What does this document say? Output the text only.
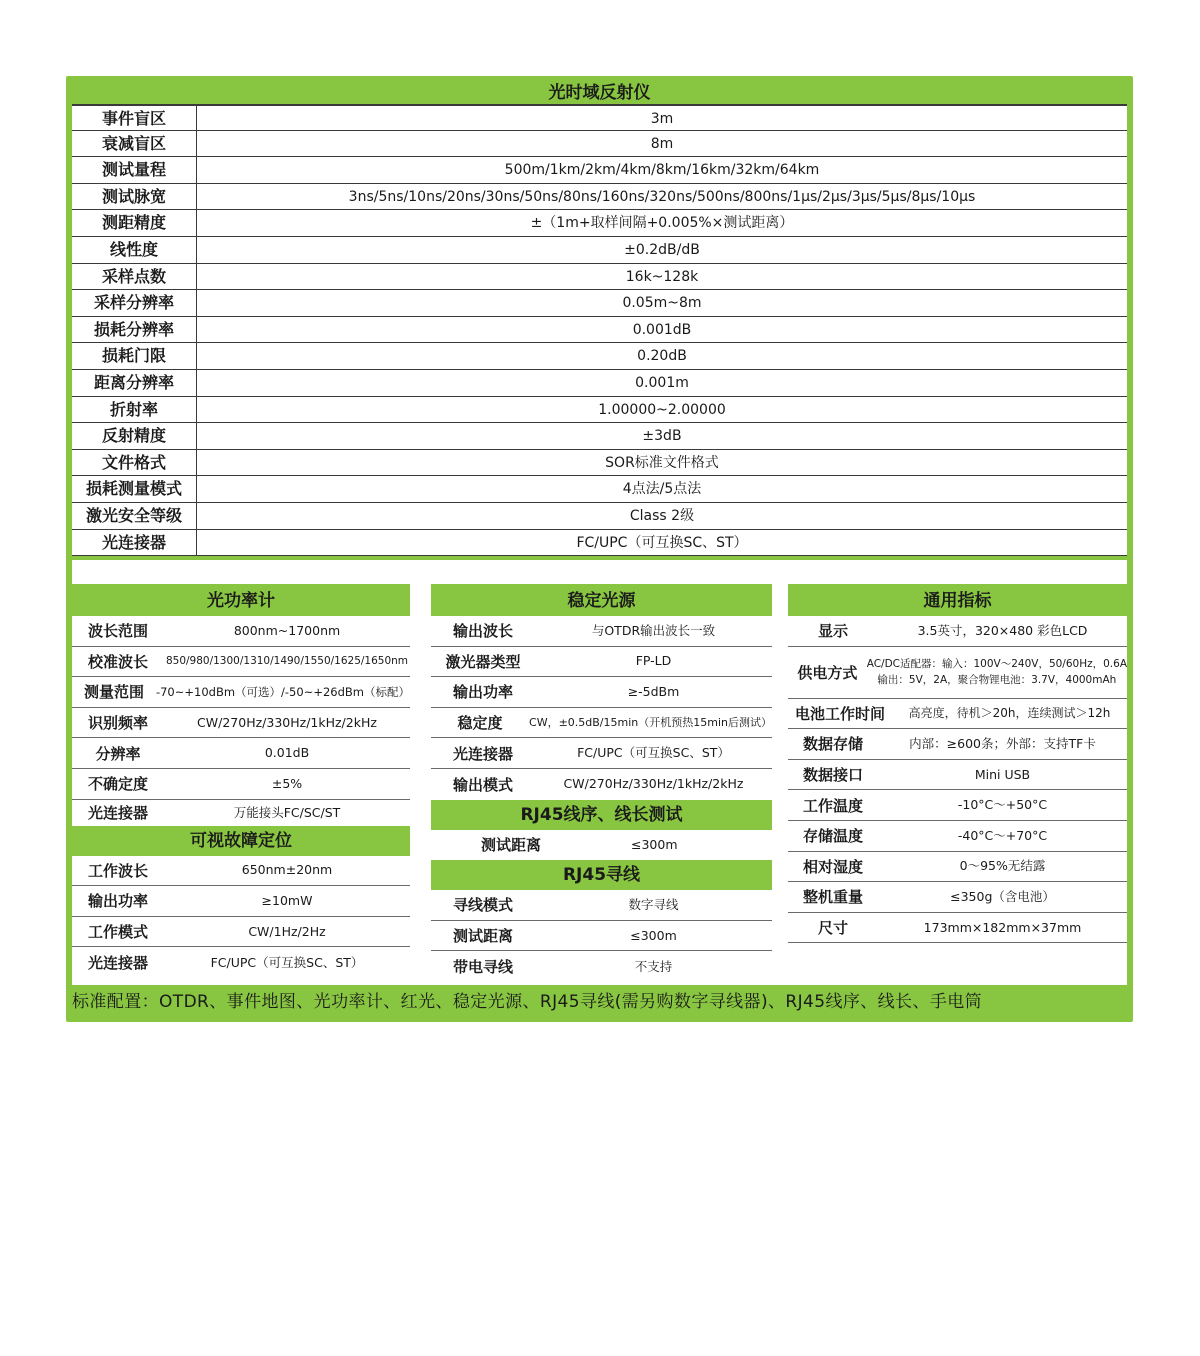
光时域反射仪
事件盲区	3m
衰减盲区	8m
测试量程	500m/1km/2km/4km/8km/16km/32km/64km
测试脉宽	3ns/5ns/10ns/20ns/30ns/50ns/80ns/160ns/320ns/500ns/800ns/1μs/2μs/3μs/5μs/8μs/10μs
测距精度	±（1m+取样间隔+0.005%×测试距离）
线性度	±0.2dB/dB
采样点数	16k~128k
采样分辨率	0.05m~8m
损耗分辨率	0.001dB
损耗门限	0.20dB
距离分辨率	0.001m
折射率	1.00000~2.00000
反射精度	±3dB
文件格式	SOR标准文件格式
损耗测量模式	4点法/5点法
激光安全等级	Class 2级
光连接器	FC/UPC（可互换SC、ST）
光功率计
波长范围	800nm~1700nm
校准波长	850/980/1300/1310/1490/1550/1625/1650nm
测量范围	-70~+10dBm（可选）/-50~+26dBm（标配）
识别频率	CW/270Hz/330Hz/1kHz/2kHz
分辨率	0.01dB
不确定度	±5%
光连接器	万能接头FC/SC/ST
可视故障定位
工作波长	650nm±20nm
输出功率	≥10mW
工作模式	CW/1Hz/2Hz
光连接器	FC/UPC（可互换SC、ST）
稳定光源
输出波长	与OTDR输出波长一致
激光器类型	FP-LD
输出功率	≥-5dBm
稳定度	CW，±0.5dB/15min（开机预热15min后测试）
光连接器	FC/UPC（可互换SC、ST）
输出模式	CW/270Hz/330Hz/1kHz/2kHz
RJ45线序、线长测试
测试距离	≤300m
RJ45寻线
寻线模式	数字寻线
测试距离	≤300m
带电寻线	不支持
通用指标
显示	3.5英寸，320×480 彩色LCD
供电方式 AC/DC适配器：输入：100V～240V，50/60Hz，0.6A
输出：5V，2A，聚合物锂电池：3.7V，4000mAh
电池工作时间	高亮度，待机＞20h，连续测试＞12h
数据存储	内部：≥600条；外部：支持TF卡
数据接口	Mini USB
工作温度	-10°C～+50°C
存储温度	-40°C～+70°C
相对湿度	0～95%无结露
整机重量	≤350g（含电池）
尺寸	173mm×182mm×37mm
标准配置：OTDR、事件地图、光功率计、红光、稳定光源、RJ45寻线(需另购数字寻线器)、RJ45线序、线长、手电筒
